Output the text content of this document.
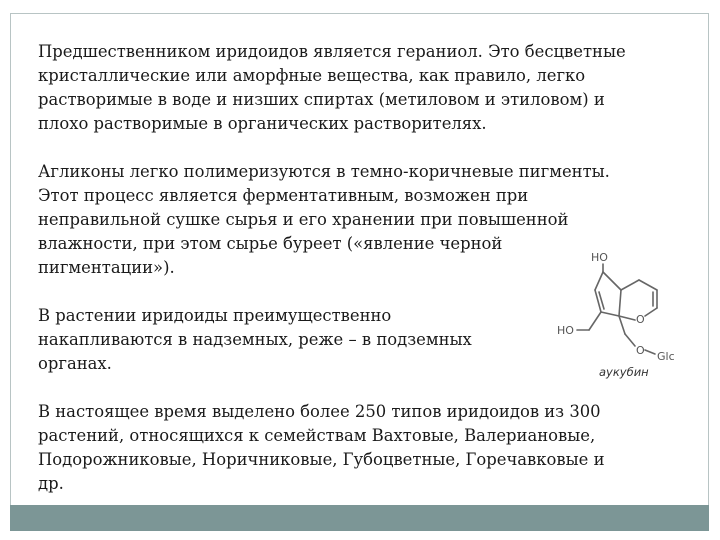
Предшественником иридоидов является гераниол. Это бесцветные
кристаллические или аморфные вещества, как правило, легко
растворимые в воде и низших спиртах (метиловом и этиловом) и
плохо растворимые в органических растворителях.
Агликоны легко полимеризуются в темно-коричневые пигменты.
Этот процесс является ферментативным, возможен при
неправильной сушке сырья и его хранении при повышенной
влажности, при этом сырье буреет («явление черной
пигментации»).
В растении иридоиды преимущественно
накапливаются в надземных, реже – в подземных
органах.
В настоящее время выделено более 250 типов иридоидов из 300
растений, относящихся к семействам Вахтовые, Валериановые,
Подорожниковые, Норичниковые, Губоцветные, Горечавковые и
др.
HO
HO
O
O Glc
аукубин
